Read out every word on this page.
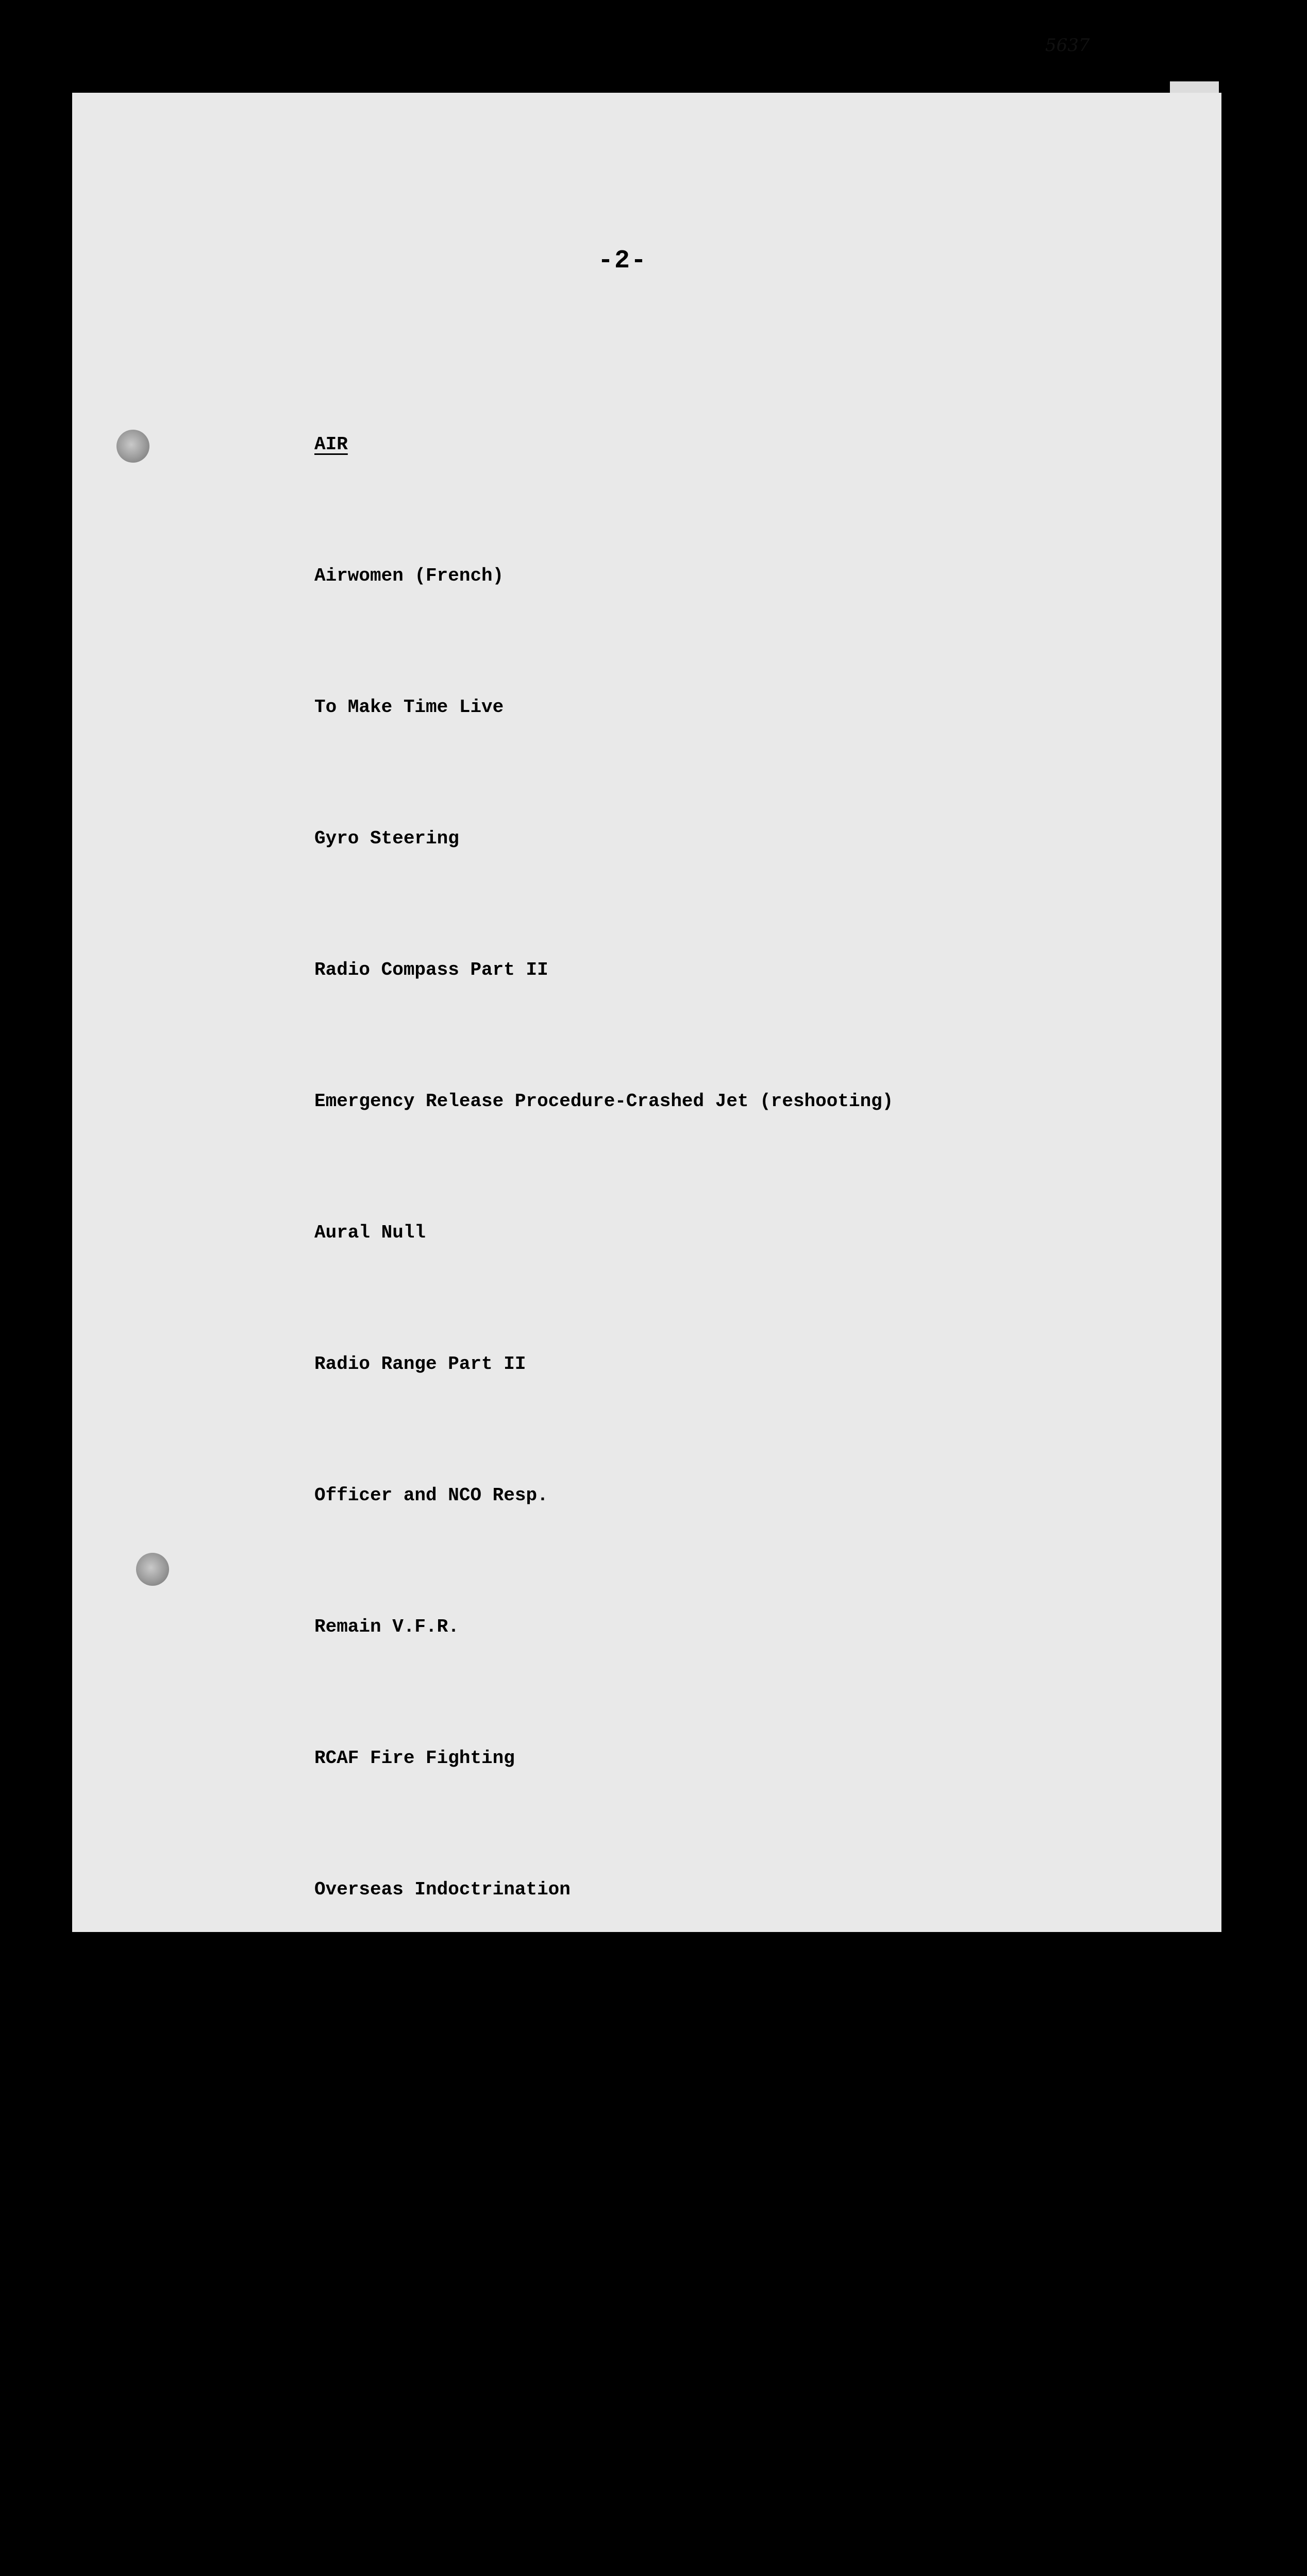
5637
-2-

AIR

Airwomen (French)

To Make Time Live

Gyro Steering

Radio Compass Part II

Emergency Release Procedure-Crashed Jet (reshooting)

Aural Null

Radio Range Part II

Officer and NCO Resp.

Remain V.F.R.

RCAF Fire Fighting

Overseas Indoctrination

Map Reading

Engineers in RCAF (ASN)

Arenda Jet Engines

MG 2 Antenna

Leadership "Flight Commander"
